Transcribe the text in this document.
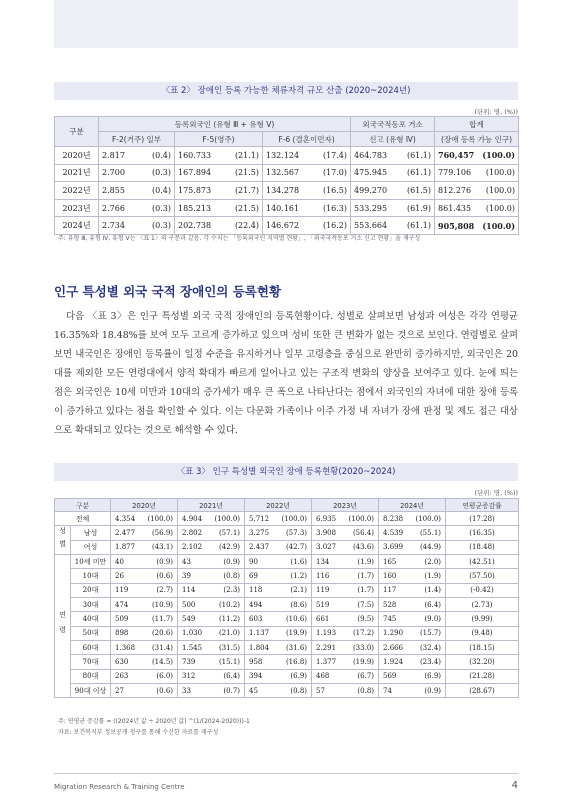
〈표 2〉 장애인 등록 가능한 체류자격 규모 산출 (2020~2024년)
(단위: 명, (%))
구분	등록외국인 (유형 Ⅲ + 유형 Ⅴ)			외국국적동포 거소	합계
	F-2(거주) 일부	F-5(영주)	F-6 (결혼이민자)	신고 (유형 Ⅳ)	(장애 등록 가능 인구)
2020년	2.817 (0.4)	160.733 (21.1)	132.124 (17.4)	464.783 (61.1)	760,457 (100.0)

2021년	2.700 (0.3)	167.894 (21.5)	132.567 (17.0)	475.945 (61.1)	779.106 (100.0)

2022년	2.855 (0.4)	175.873 (21.7)	134.278 (16.5)	499.270 (61.5)	812.276 (100.0)

2023년	2.766 (0.3)	185.213 (21.5)	140.161 (16.3)	533.295 (61.9)	861.435 (100.0)

2024년	2.734 (0.3)	202.738 (22.4)	146.672 (16.2)	553.664 (61.1)	905,808 (100.0)
주: 유형 Ⅲ, 유형 Ⅳ, 유형 Ⅴ는 〈표 1〉의 구분과 같음. 각 수치는 「등록외국인 지역별 현황」, 「외국국적동포 거소 신고 현황」을 재구성
인구 특성별 외국 국적 장애인의 등록현황

다음 〈표 3〉은 인구 특성별 외국 국적 장애인의 등록현황이다. 성별로 살펴보면 남성과 여성은 각각 연평균 16.35%와 18.48%를 보여 모두 고르게 증가하고 있으며 성비 또한 큰 변화가 없는 것으로 보인다. 연령별로 살펴보면 내국인은 장애인 등록률이 일정 수준을 유지하거나 일부 고령층을 중심으로 완만히 증가하지만, 외국인은 20대를 제외한 모든 연령대에서 양적 확대가 빠르게 일어나고 있는 구조적 변화의 양상을 보여주고 있다. 눈에 띄는 점은 외국인은 10세 미만과 10대의 증가세가 매우 큰 폭으로 나타난다는 점에서 외국인의 자녀에 대한 장애 등록이 증가하고 있다는 점을 확인할 수 있다. 이는 다문화 가족이나 이주 가정 내 자녀가 장애 판정 및 제도 접근 대상으로 확대되고 있다는 것으로 해석할 수 있다.

〈표 3〉 인구 특성별 외국인 장애 등록현황(2020~2024)
(단위: 명, (%))
구분		2020년	2021년	2022년	2023년	2024년	연평균증감률
전체		4.354 (100.0)	4.904 (100.0)	5.712 (100.0)	6.935 (100.0)	8.238 (100.0)	(17.28)
성별	남성	2.477 (56.9)	2.802 (57.1)	3.275 (57.3)	3.908 (56.4)	4.539 (55.1)	(16.35)
	여성	1.877 (43.1)	2.102 (42.9)	2.437 (42.7)	3.027 (43.6)	3.699 (44.9)	(18.48)
연령	10세 미만	40 (0.9)	43 (0.9)	90 (1.6)	134 (1.9)	165 (2.0)	(42.51)
	10대	26 (0.6)	39 (0.8)	69 (1.2)	116 (1.7)	160 (1.9)	(57.50)
	20대	119 (2.7)	114 (2.3)	118 (2.1)	119 (1.7)	117 (1.4)	(-0.42)
	30대	474 (10.9)	500 (10.2)	494 (8.6)	519 (7.5)	528 (6.4)	(2.73)
	40대	509 (11.7)	549 (11.2)	603 (10.6)	661 (9.5)	745 (9.0)	(9.99)
	50대	898 (20.6)	1.030 (21.0)	1.137 (19.9)	1.193 (17.2)	1.290 (15.7)	(9.48)
	60대	1.368 (31.4)	1.545 (31.5)	1.804 (31.6)	2.291 (33.0)	2.666 (32.4)	(18.15)
	70대	630 (14.5)	739 (15.1)	958 (16.8)	1.377 (19.9)	1.924 (23.4)	(32.20)
	80대	263 (6.0)	312 (6.4)	394 (6.9)	468 (6.7)	569 (6.9)	(21.28)
	90대 이상	27 (0.6)	33 (0.7)	45 (0.8)	57 (0.8)	74 (0.9)	(28.67)
주: 연평균 증감률 = ((2024년 값 ÷ 2020년 값) ^(1/(2024-2020)))-1
자료: 보건복지부 정보공개 청구를 통해 수신한 자료를 재구성
Migration Research & Training Centre	4
